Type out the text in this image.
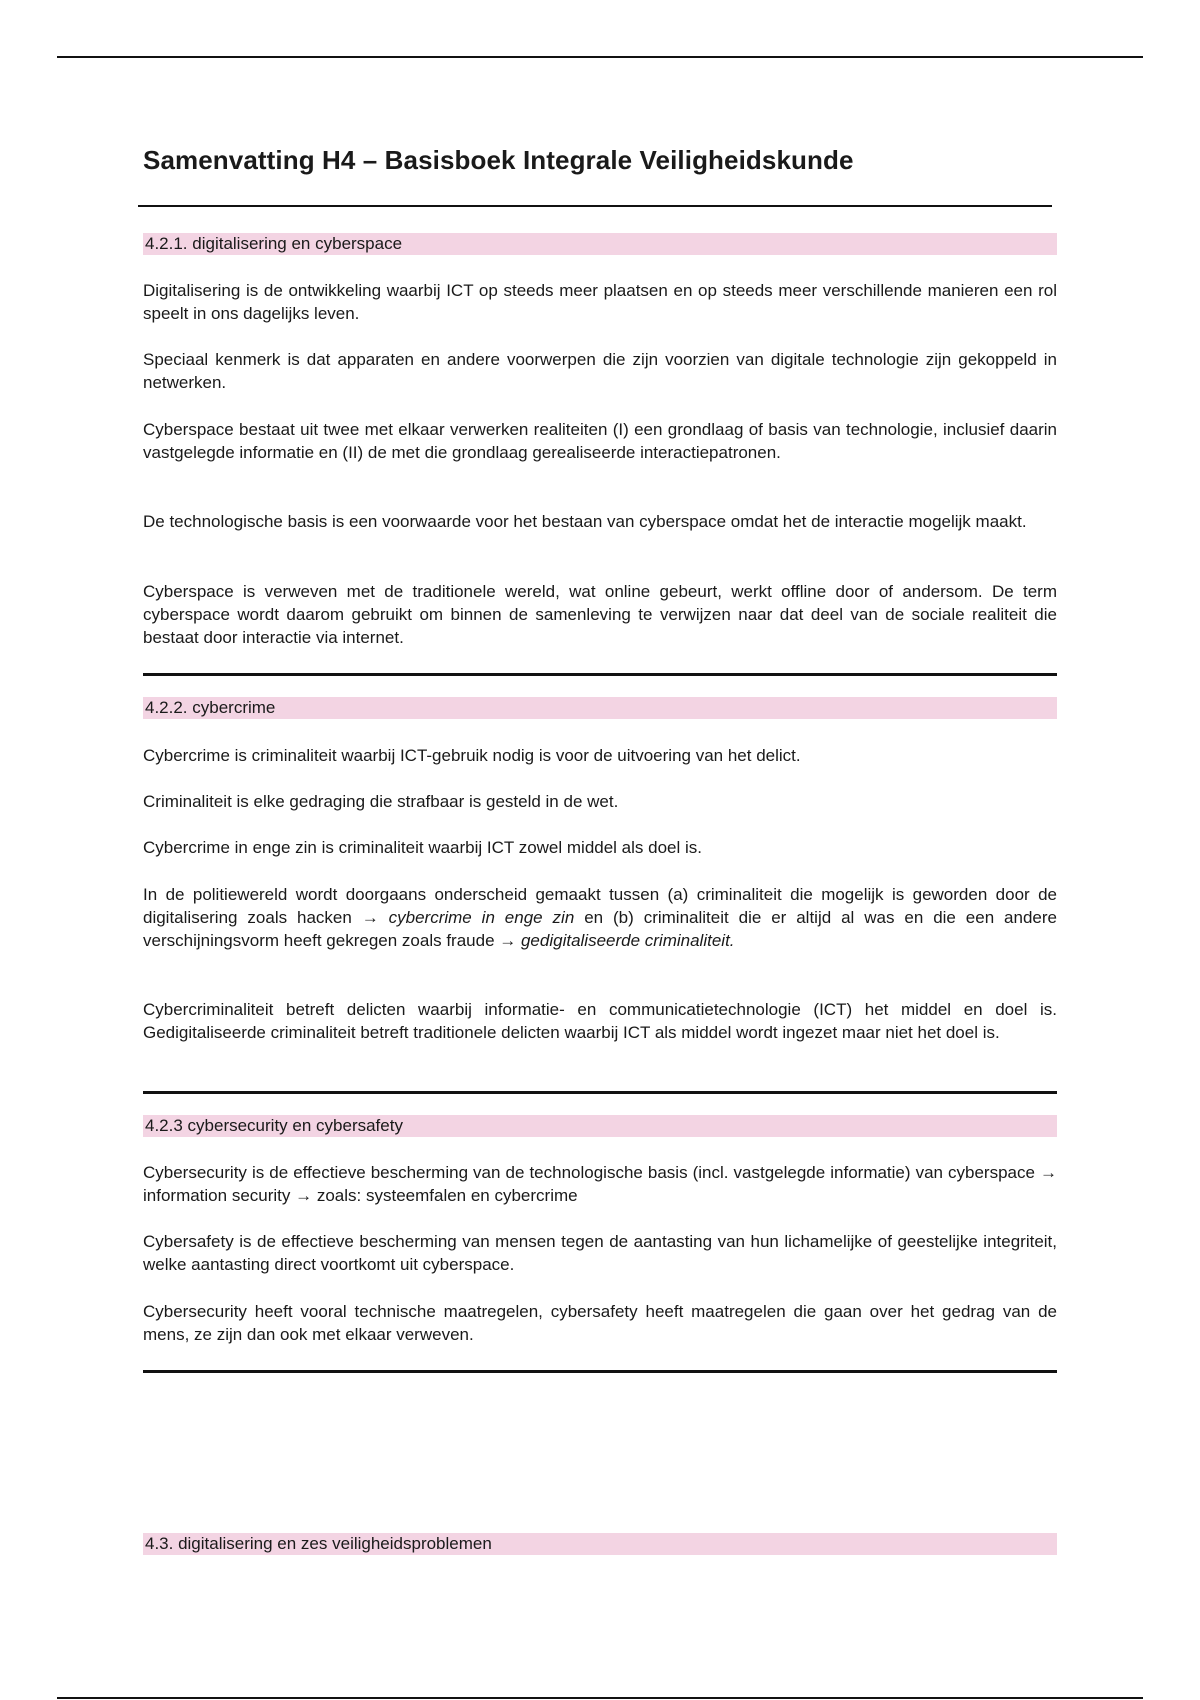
Samenvatting H4 – Basisboek Integrale Veiligheidskunde
4.2.1. digitalisering en cyberspace

Digitalisering is de ontwikkeling waarbij ICT op steeds meer plaatsen en op steeds meer verschillende manieren een rol speelt in ons dagelijks leven.

Speciaal kenmerk is dat apparaten en andere voorwerpen die zijn voorzien van digitale technologie zijn gekoppeld in netwerken.

Cyberspace bestaat uit twee met elkaar verwerken realiteiten (I) een grondlaag of basis van technologie, inclusief daarin vastgelegde informatie en (II) de met die grondlaag gerealiseerde interactiepatronen.

De technologische basis is een voorwaarde voor het bestaan van cyberspace omdat het de interactie mogelijk maakt.

Cyberspace is verweven met de traditionele wereld, wat online gebeurt, werkt offline door of andersom. De term cyberspace wordt daarom gebruikt om binnen de samenleving te verwijzen naar dat deel van de sociale realiteit die bestaat door interactie via internet.

4.2.2. cybercrime

Cybercrime is criminaliteit waarbij ICT-gebruik nodig is voor de uitvoering van het delict.

Criminaliteit is elke gedraging die strafbaar is gesteld in de wet.

Cybercrime in enge zin is criminaliteit waarbij ICT zowel middel als doel is.

In de politiewereld wordt doorgaans onderscheid gemaakt tussen (a) criminaliteit die mogelijk is geworden door de digitalisering zoals hacken → cybercrime in enge zin en (b) criminaliteit die er altijd al was en die een andere verschijningsvorm heeft gekregen zoals fraude → gedigitaliseerde criminaliteit.

Cybercriminaliteit betreft delicten waarbij informatie- en communicatietechnologie (ICT) het middel en doel is. Gedigitaliseerde criminaliteit betreft traditionele delicten waarbij ICT als middel wordt ingezet maar niet het doel is.

4.2.3 cybersecurity en cybersafety

Cybersecurity is de effectieve bescherming van de technologische basis (incl. vastgelegde informatie) van cyberspace → information security → zoals: systeemfalen en cybercrime

Cybersafety is de effectieve bescherming van mensen tegen de aantasting van hun lichamelijke of geestelijke integriteit, welke aantasting direct voortkomt uit cyberspace.

Cybersecurity heeft vooral technische maatregelen, cybersafety heeft maatregelen die gaan over het gedrag van de mens, ze zijn dan ook met elkaar verweven.

4.3. digitalisering en zes veiligheidsproblemen
